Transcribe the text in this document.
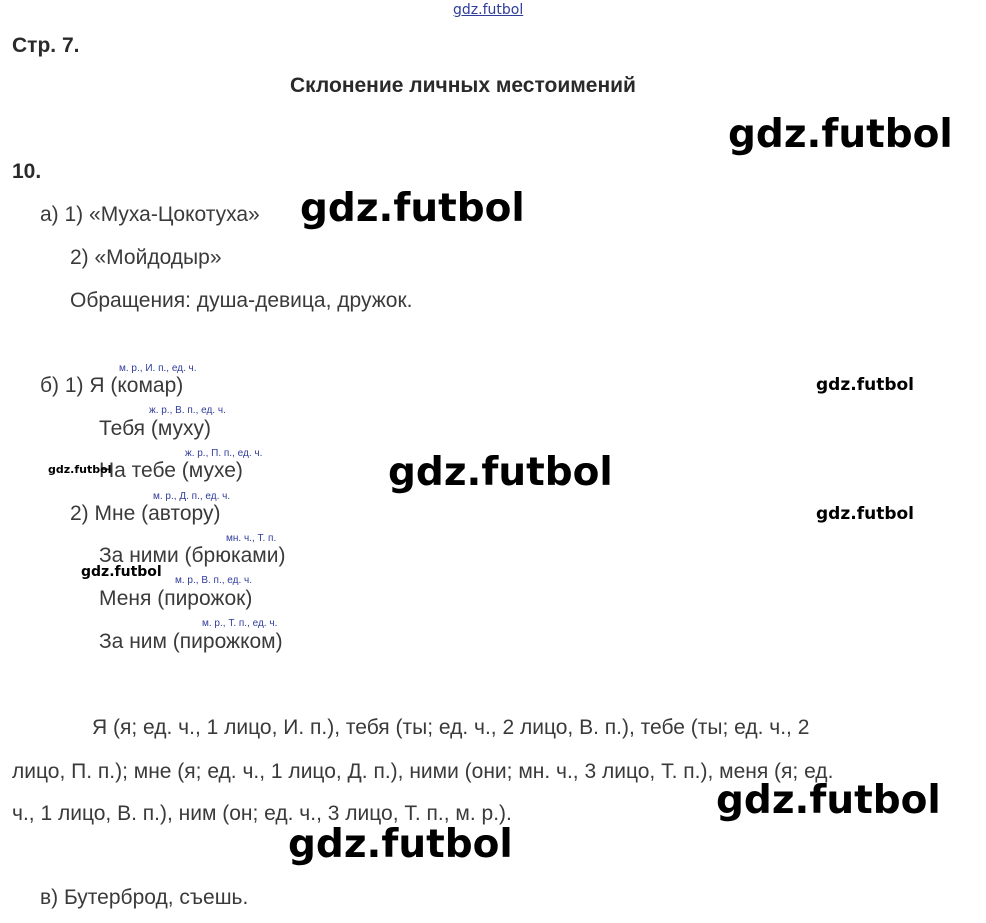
gdz.futbol
Стр. 7.
Склонение личных местоимений
10.
а) 1) «Муха-Цокотуха»
2) «Мойдодыр»
Обращения: душа-девица, дружок.
м. р., И. п., ед. ч.
ж. р., В. п., ед. ч.
ж. р., П. п., ед. ч.
м. р., Д. п., ед. ч.
мн. ч., Т. п.
м. р., В. п., ед. ч.
м. р., Т. п., ед. ч.
б) 1) Я (комар)
Тебя (муху)
На тебе (мухе)
2) Мне (автору)
За ними (брюками)
Меня (пирожок)
За ним (пирожком)
Я (я; ед. ч., 1 лицо, И. п.), тебя (ты; ед. ч., 2 лицо, В. п.), тебе (ты; ед. ч., 2
лицо, П. п.); мне (я; ед. ч., 1 лицо, Д. п.), ними (они; мн. ч., 3 лицо, Т. п.), меня (я; ед.
ч., 1 лицо, В. п.), ним (он; ед. ч., 3 лицо, Т. п., м. р.).
в) Бутерброд, съешь.
gdz.futbol
gdz.futbol
gdz.futbol
gdz.futbol	gdz.futbol
gdz.futbol
gdz.futbol
gdz.futbol
gdz.futbol
